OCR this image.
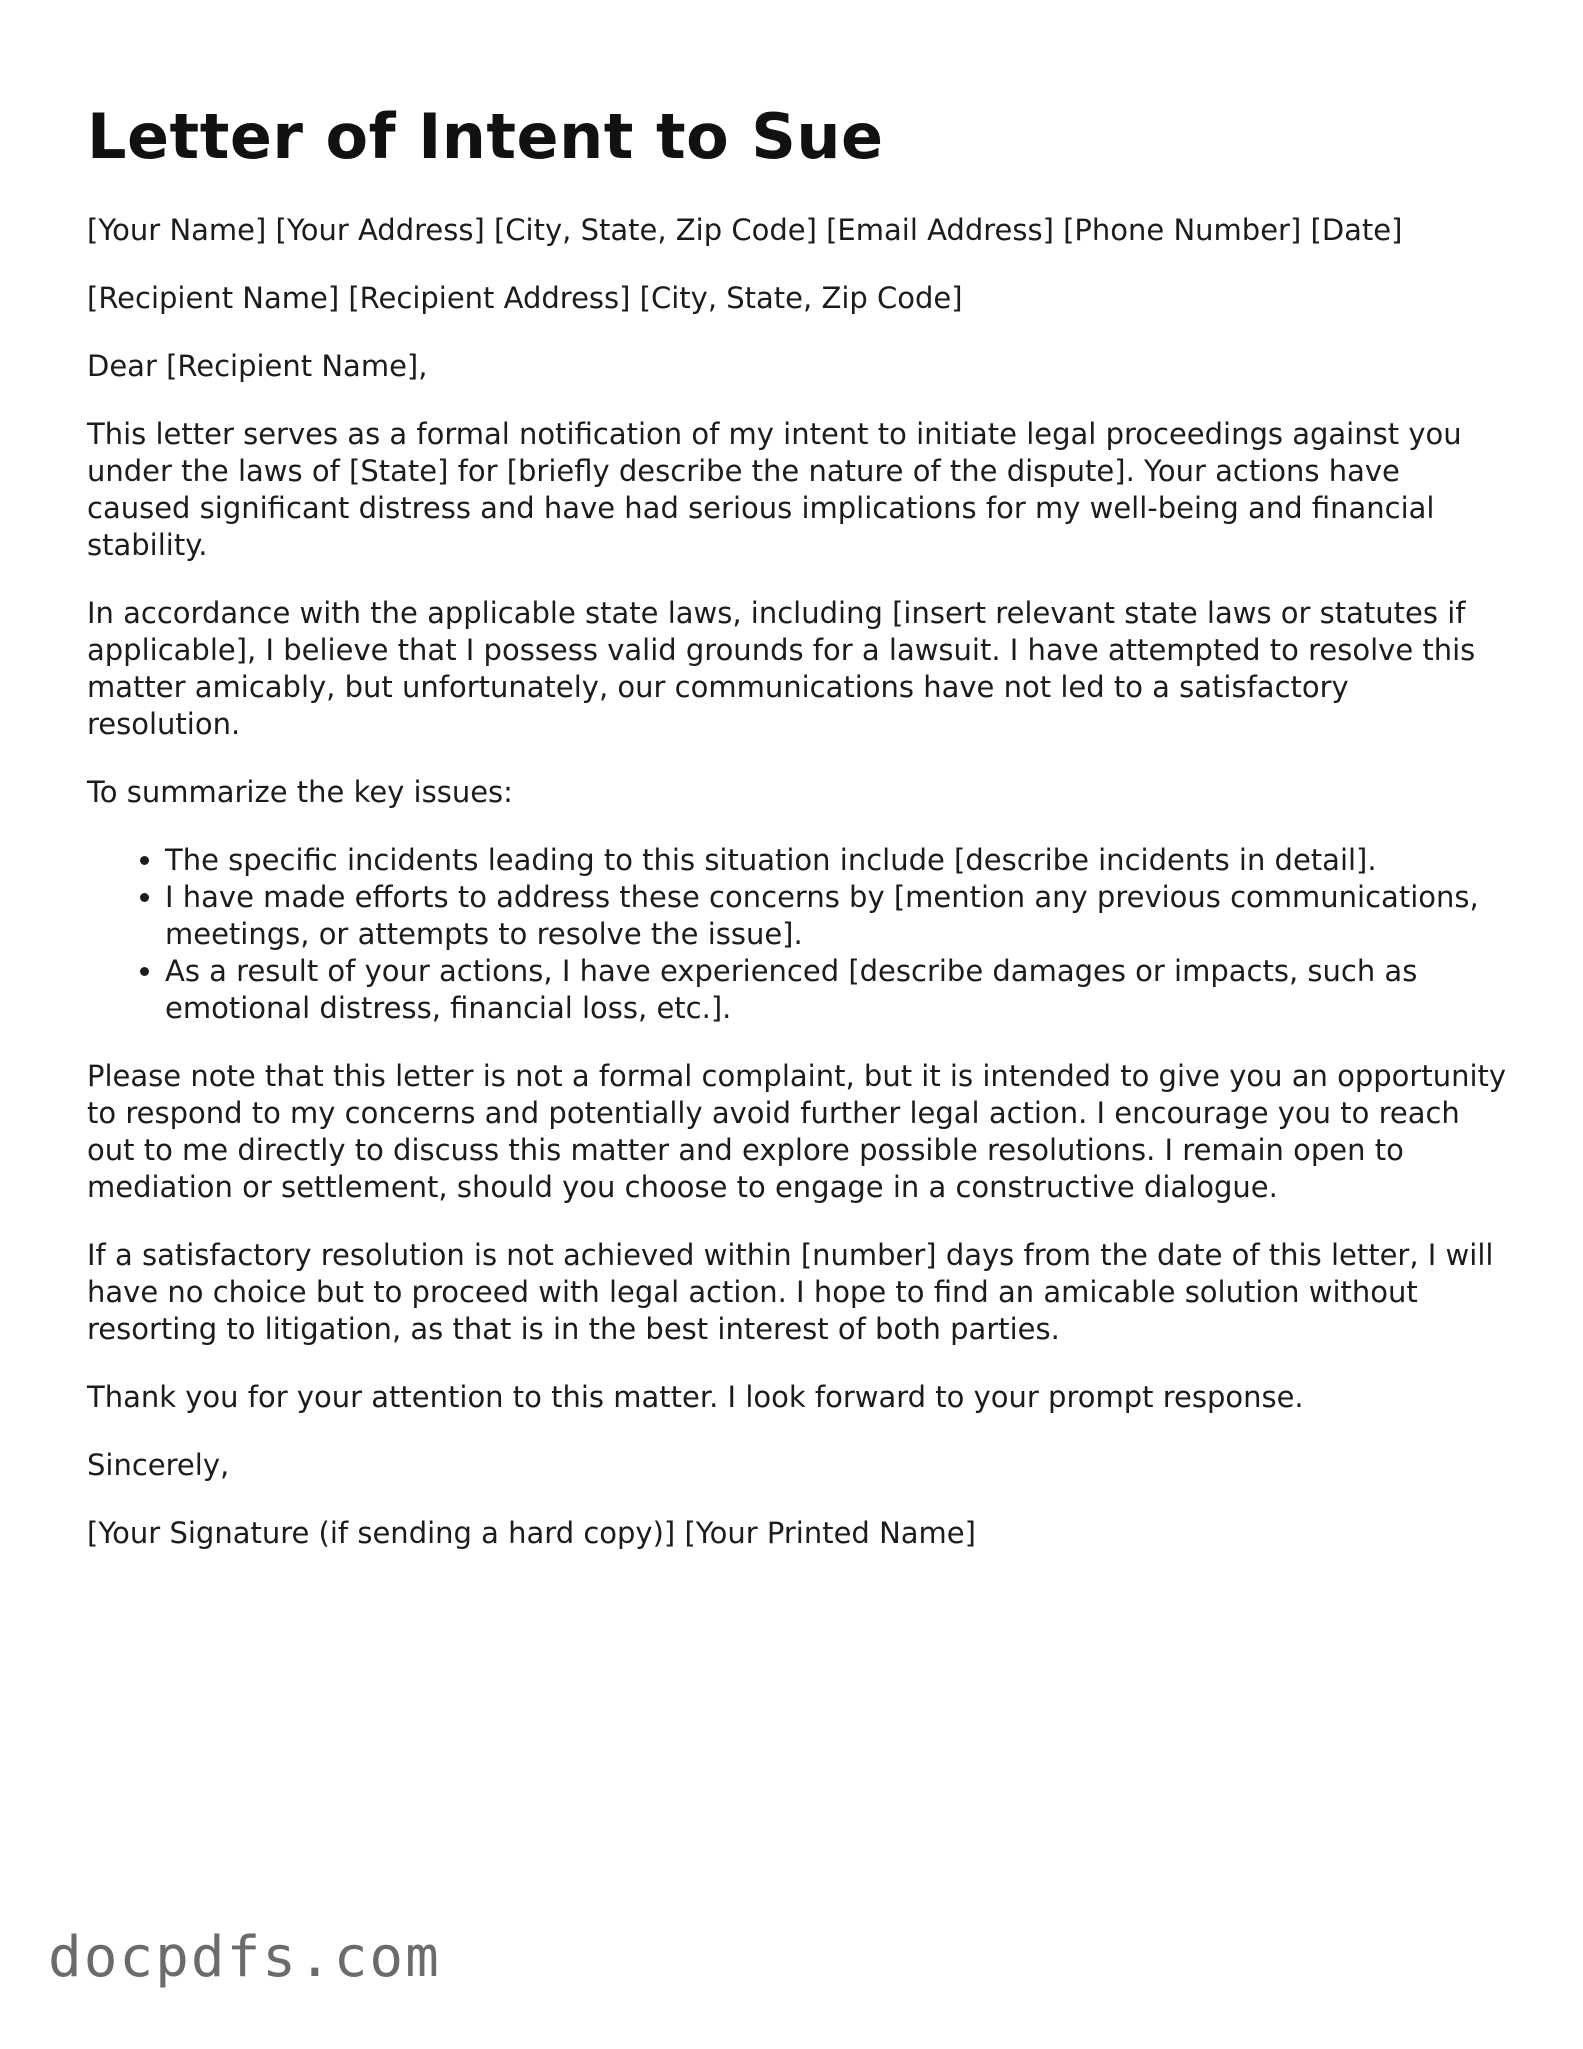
Letter of Intent to Sue

[Your Name] [Your Address] [City, State, Zip Code] [Email Address] [Phone Number] [Date]

[Recipient Name] [Recipient Address] [City, State, Zip Code]

Dear [Recipient Name],

This letter serves as a formal notification of my intent to initiate legal proceedings against you under the laws of [State] for [briefly describe the nature of the dispute]. Your actions have caused significant distress and have had serious implications for my well-being and financial stability.

In accordance with the applicable state laws, including [insert relevant state laws or statutes if applicable], I believe that I possess valid grounds for a lawsuit. I have attempted to resolve this matter amicably, but unfortunately, our communications have not led to a satisfactory resolution.

To summarize the key issues:

• The specific incidents leading to this situation include [describe incidents in detail].
• I have made efforts to address these concerns by [mention any previous communications, meetings, or attempts to resolve the issue].
• As a result of your actions, I have experienced [describe damages or impacts, such as emotional distress, financial loss, etc.].

Please note that this letter is not a formal complaint, but it is intended to give you an opportunity to respond to my concerns and potentially avoid further legal action. I encourage you to reach out to me directly to discuss this matter and explore possible resolutions. I remain open to mediation or settlement, should you choose to engage in a constructive dialogue.

If a satisfactory resolution is not achieved within [number] days from the date of this letter, I will have no choice but to proceed with legal action. I hope to find an amicable solution without resorting to litigation, as that is in the best interest of both parties.

Thank you for your attention to this matter. I look forward to your prompt response.

Sincerely,

[Your Signature (if sending a hard copy)] [Your Printed Name]

docpdfs.com
